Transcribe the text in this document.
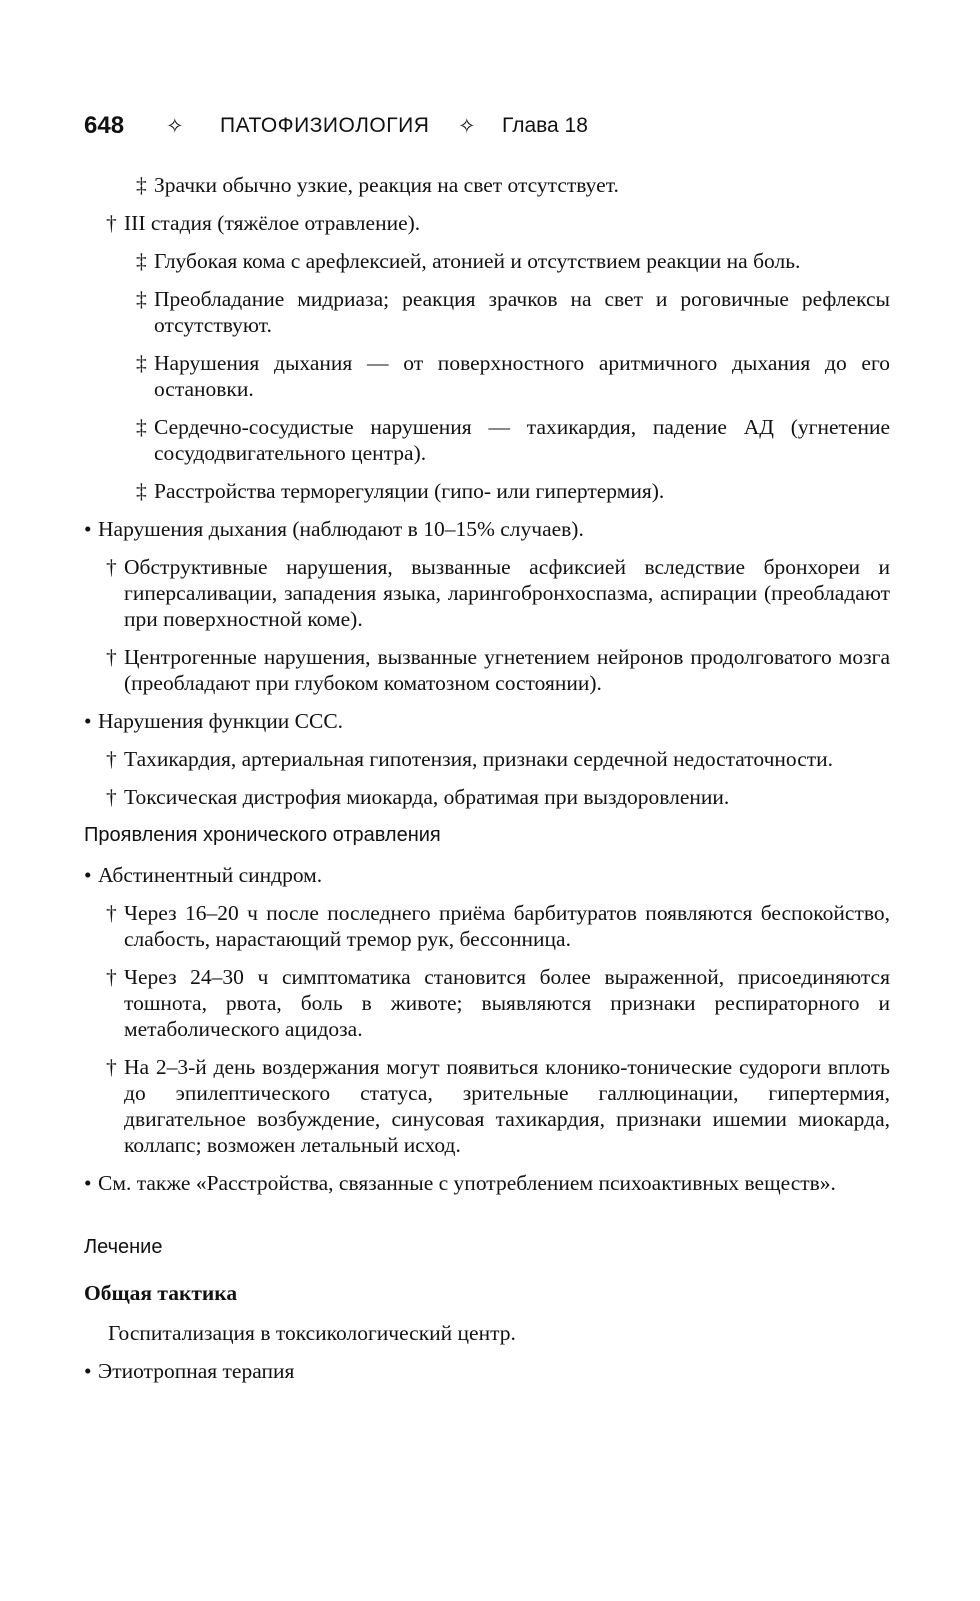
648 ✧ ПАТОФИЗИОЛОГИЯ ✧ Глава 18
‡ Зрачки обычно узкие, реакция на свет отсутствует.
† III стадия (тяжёлое отравление).
‡ Глубокая кома с арефлексией, атонией и отсутствием реакции на боль.
‡ Преобладание мидриаза; реакция зрачков на свет и роговичные рефлексы отсутствуют.
‡ Нарушения дыхания — от поверхностного аритмичного дыхания до его остановки.
‡ Сердечно-сосудистые нарушения — тахикардия, падение АД (угнетение сосудодвигательного центра).
‡ Расстройства терморегуляции (гипо- или гипертермия).
• Нарушения дыхания (наблюдают в 10–15% случаев).
† Обструктивные нарушения, вызванные асфиксией вследствие бронхореи и гиперсаливации, западения языка, ларингобронхоспазма, аспирации (преобладают при поверхностной коме).
† Центрогенные нарушения, вызванные угнетением нейронов продолговатого мозга (преобладают при глубоком коматозном состоянии).
• Нарушения функции ССС.
† Тахикардия, артериальная гипотензия, признаки сердечной недостаточности.
† Токсическая дистрофия миокарда, обратимая при выздоровлении.
Проявления хронического отравления
• Абстинентный синдром.
† Через 16–20 ч после последнего приёма барбитуратов появляются беспокойство, слабость, нарастающий тремор рук, бессонница.
† Через 24–30 ч симптоматика становится более выраженной, присоединяются тошнота, рвота, боль в животе; выявляются признаки респираторного и метаболического ацидоза.
† На 2–3-й день воздержания могут появиться клонико-тонические судороги вплоть до эпилептического статуса, зрительные галлюцинации, гипертермия, двигательное возбуждение, синусовая тахикардия, признаки ишемии миокарда, коллапс; возможен летальный исход.
• См. также «Расстройства, связанные с употреблением психоактивных веществ».
Лечение
Общая тактика
Госпитализация в токсикологический центр.
• Этиотропная терапия
